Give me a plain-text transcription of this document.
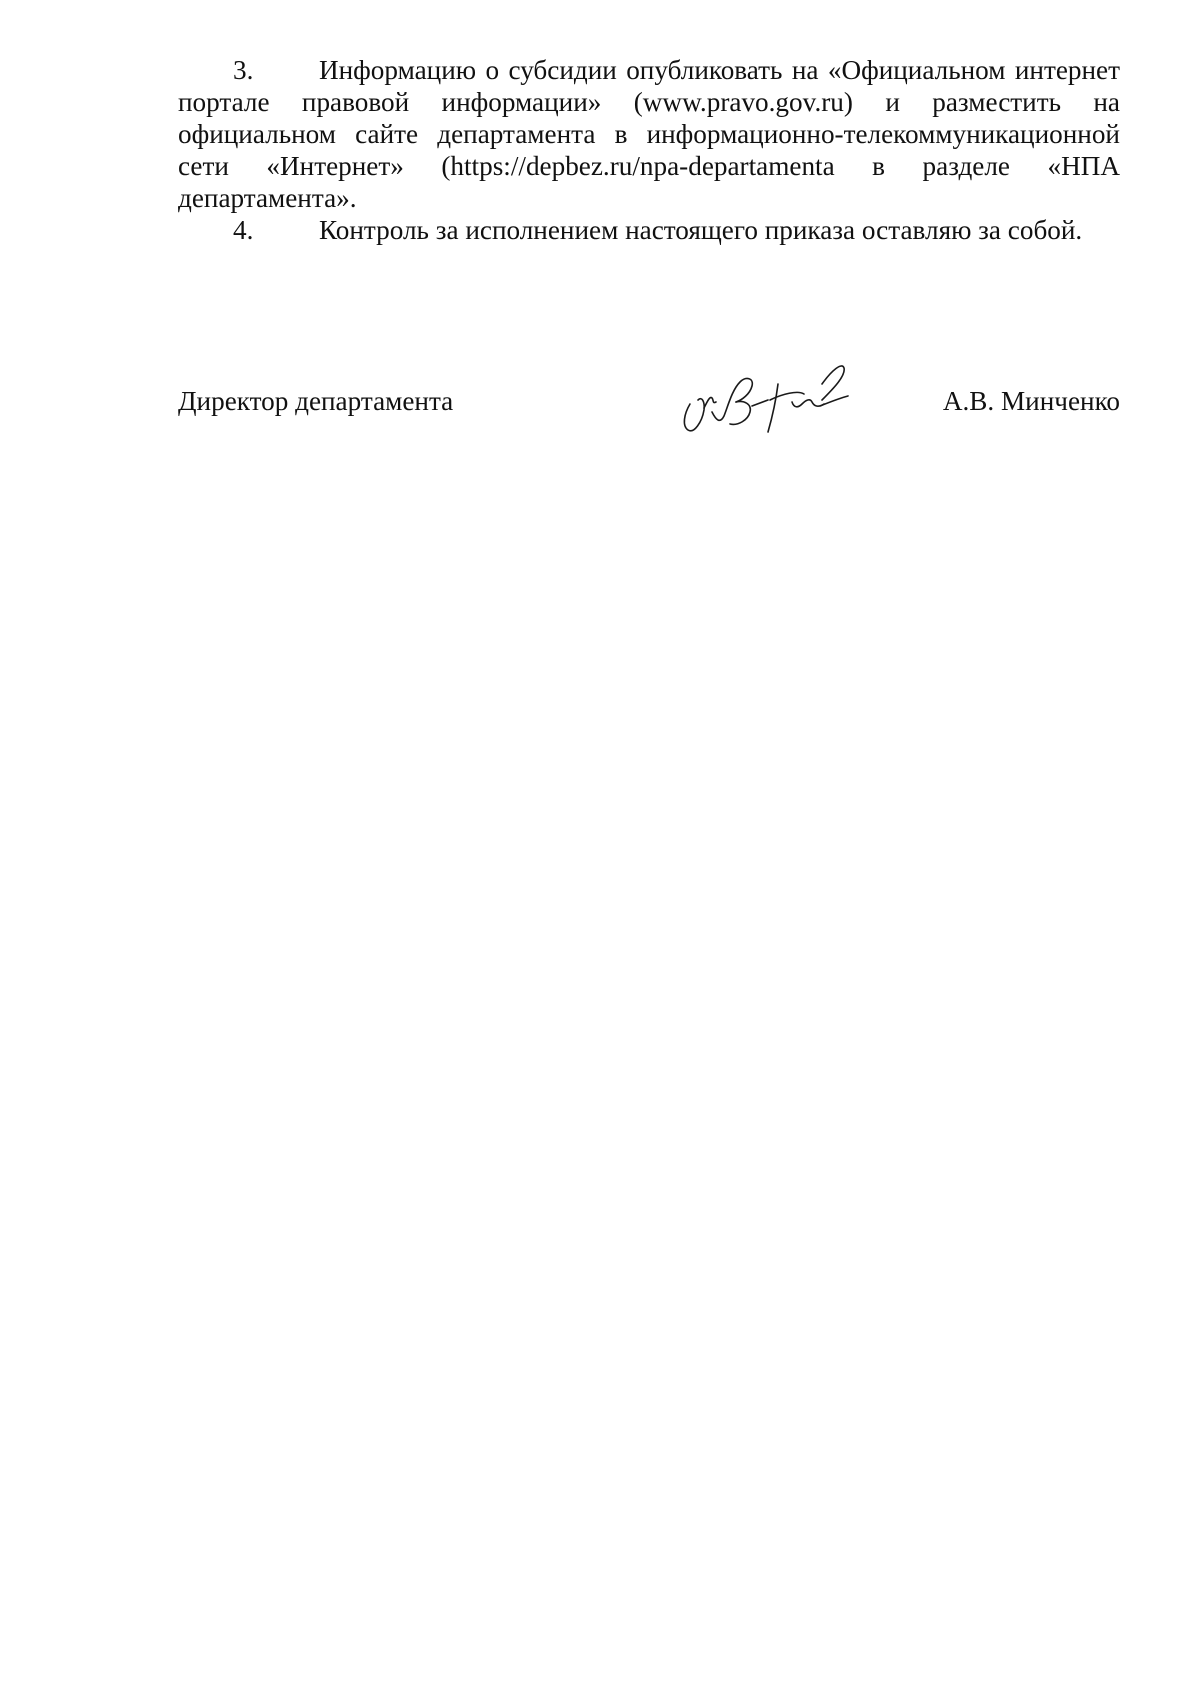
3. Информацию о субсидии опубликовать на «Официальном интернет портале правовой информации» (www.pravo.gov.ru) и разместить на официальном сайте департамента в информационно-телекоммуникационной сети «Интернет» (https://depbez.ru/npa-departamenta в разделе «НПА департамента».

4. Контроль за исполнением настоящего приказа оставляю за собой.

Директор департамента	А.В. Минченко
